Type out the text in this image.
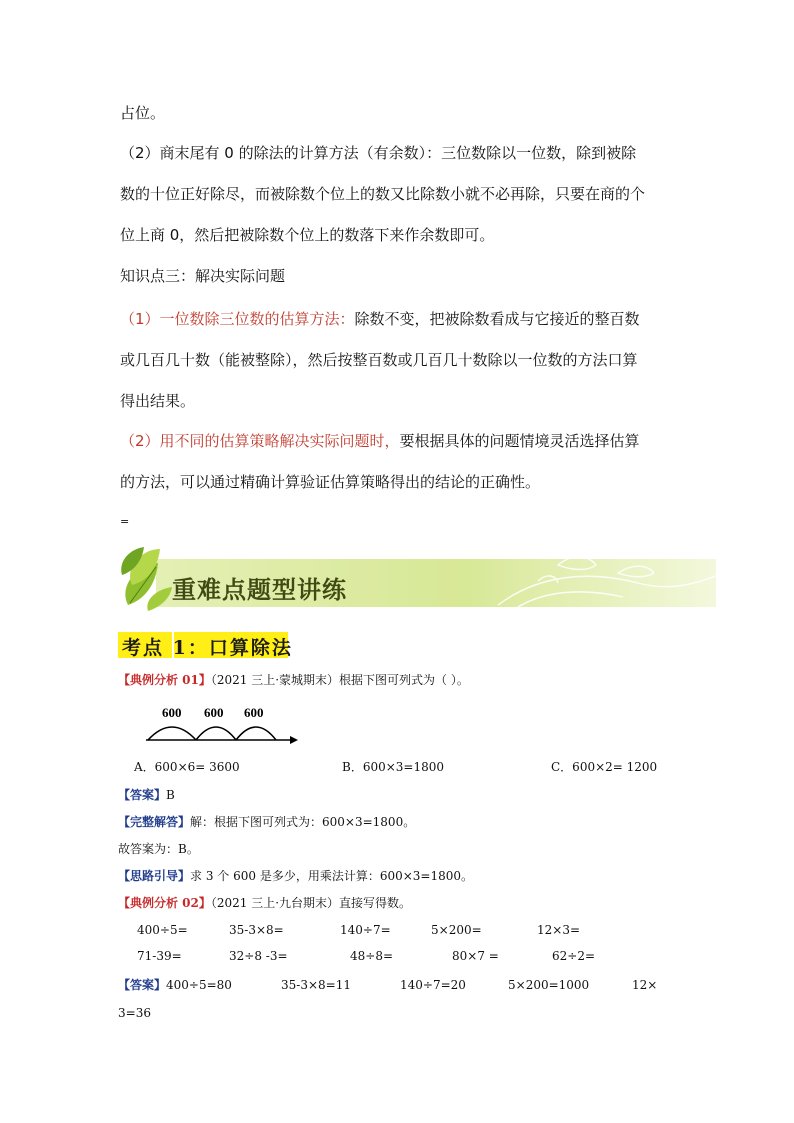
占位。
（2）商末尾有 0 的除法的计算方法（有余数）：三位数除以一位数，除到被除
数的十位正好除尽，而被除数个位上的数又比除数小就不必再除，只要在商的个
位上商 0，然后把被除数个位上的数落下来作余数即可。
知识点三：解决实际问题
（1）一位数除三位数的估算方法：除数不变，把被除数看成与它接近的整百数
或几百几十数（能被整除），然后按整百数或几百几十数除以一位数的方法口算
得出结果。
（2）用不同的估算策略解决实际问题时，要根据具体的问题情境灵活选择估算
的方法，可以通过精确计算验证估算策略得出的结论的正确性。
=
重难点题型讲练
考点 1：口算除法
【典例分析 01】（2021 三上·蒙城期末）根据下图可列式为（ ）。
600 600 600
A．600×6= 3600	B．600×3=1800	C．600×2= 1200
【答案】B
【完整解答】解：根据下图可列式为：600×3=1800。
故答案为：B。
【思路引导】求 3 个 600 是多少，用乘法计算：600×3=1800。
【典例分析 02】（2021 三上·九台期末）直接写得数。
400÷5=	35-3×8=	140÷7=	5×200=	12×3=
71-39=	32÷8 -3=	48÷8=	80×7 =	62÷2=
【答案】400÷5=80	35-3×8=11	140÷7=20	5×200=1000	12×
3=36
